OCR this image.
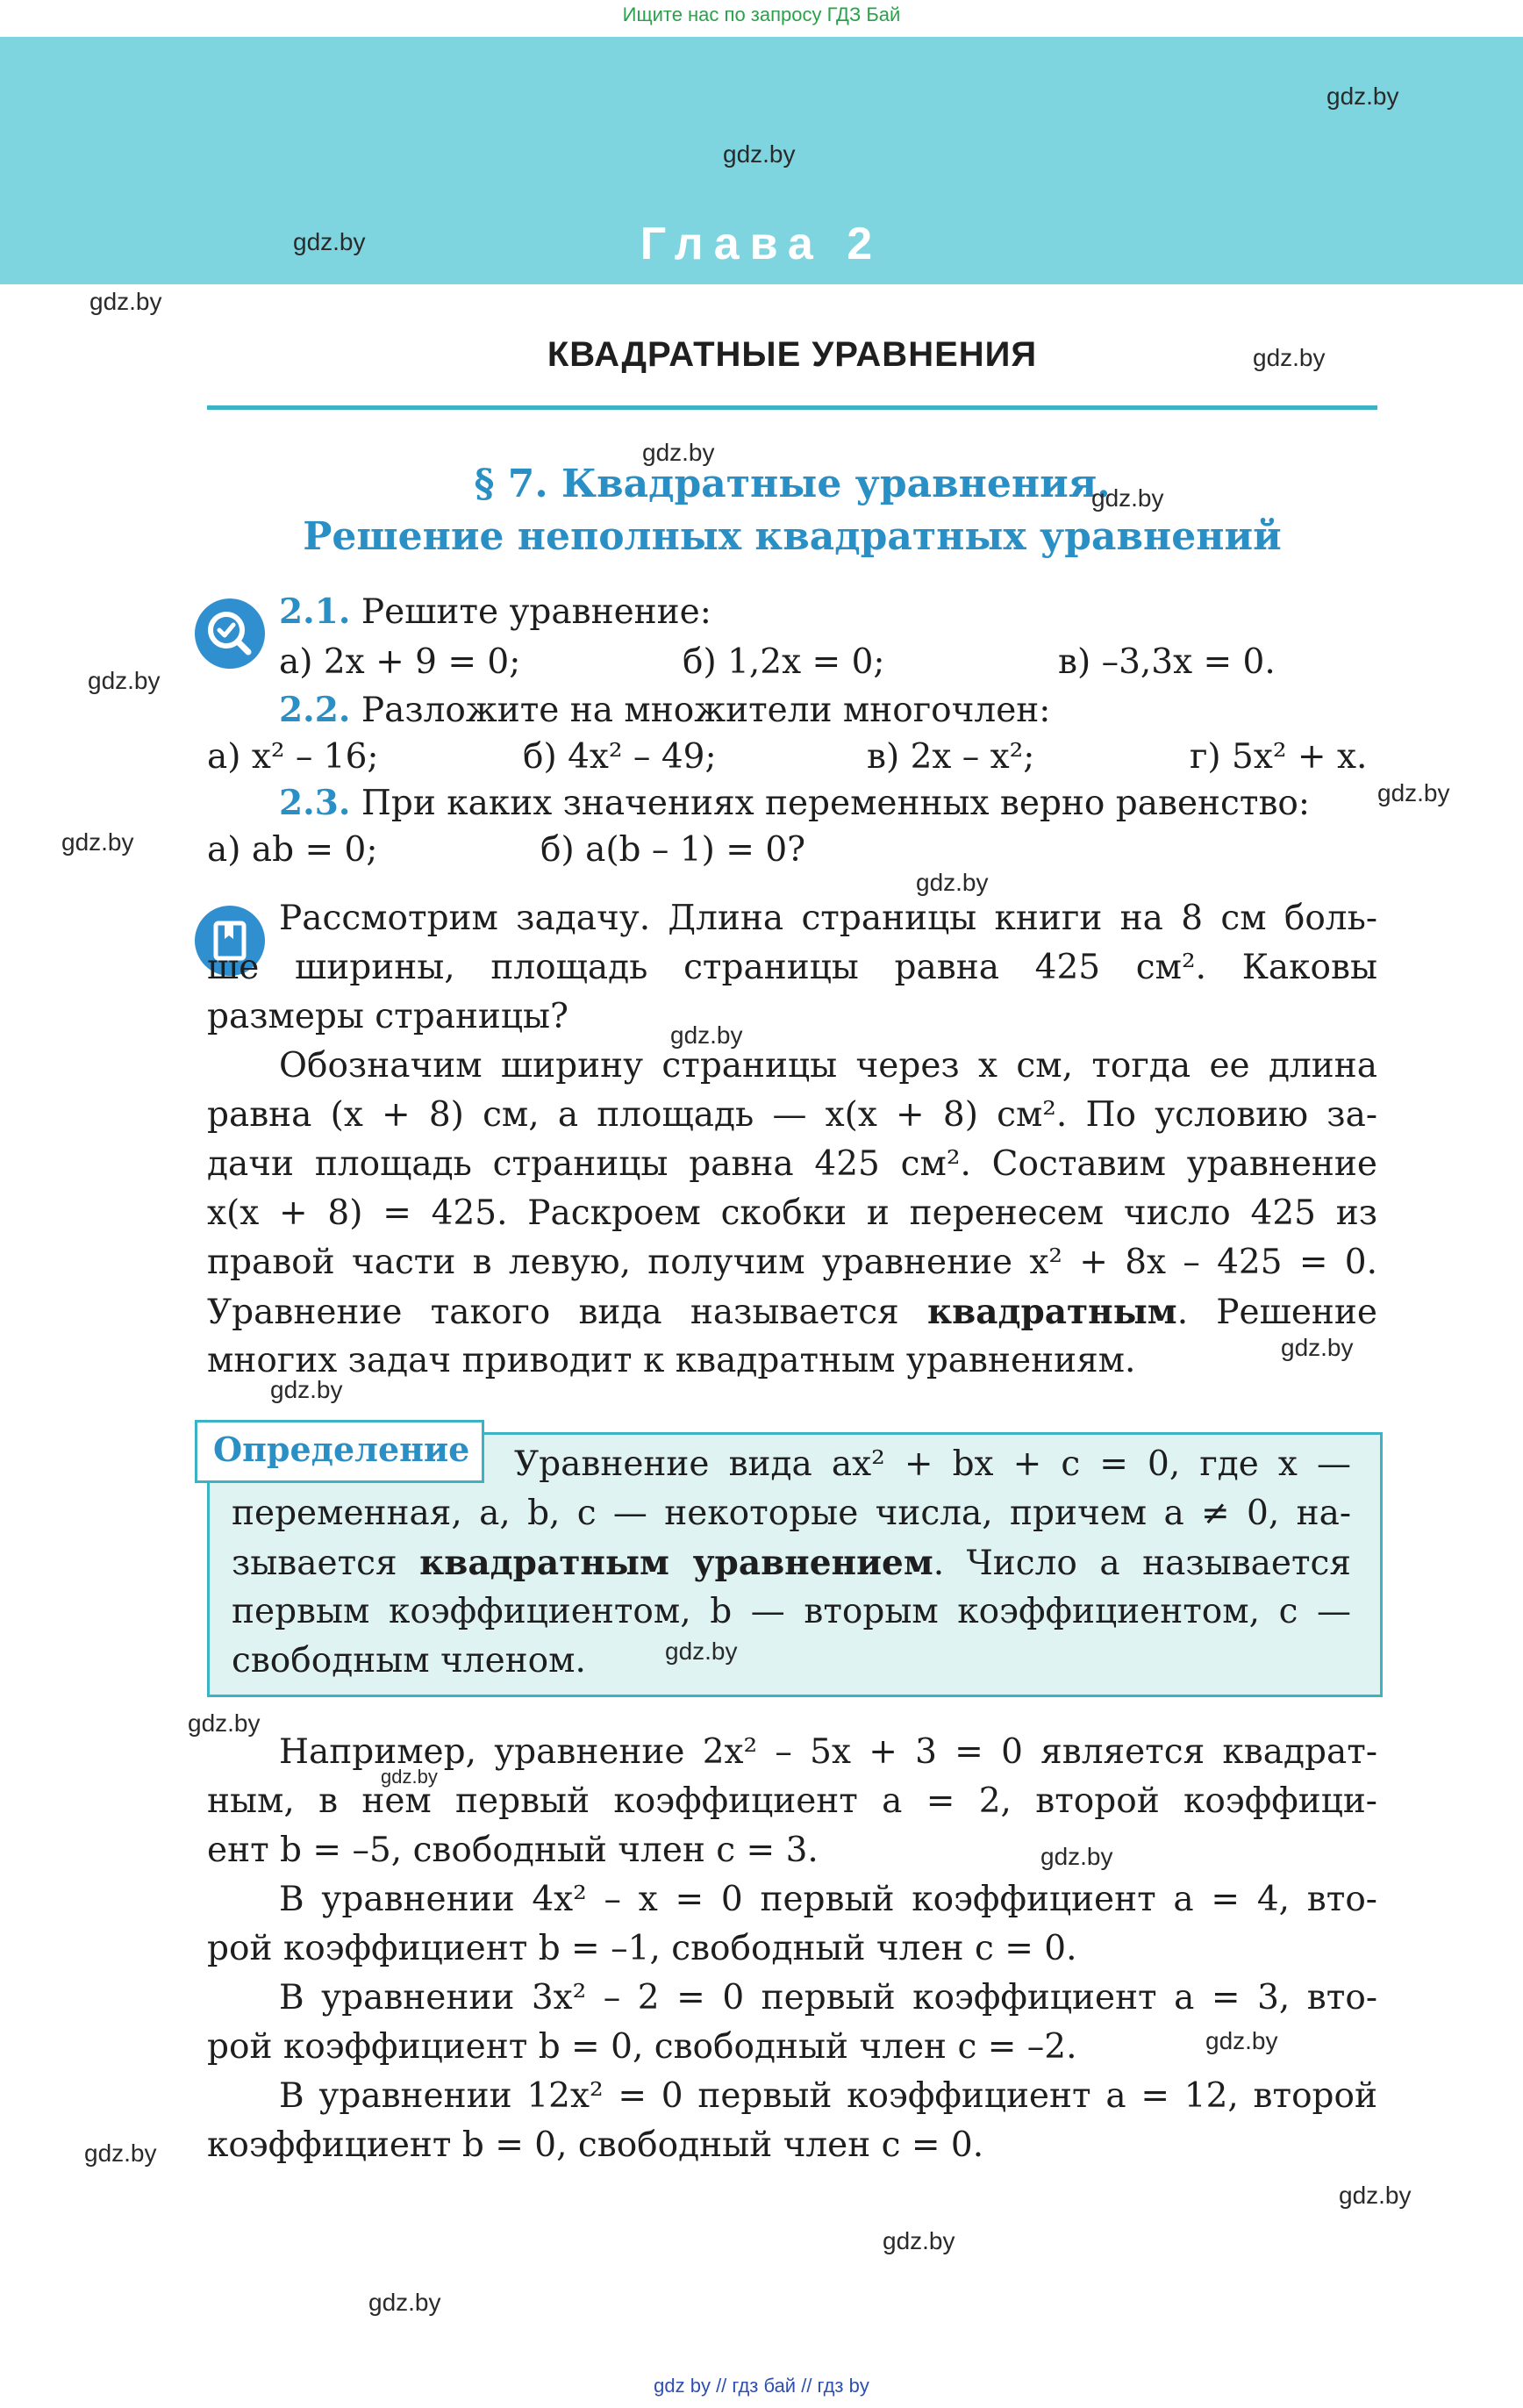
Ищите нас по запросу ГДЗ Бай
Глава 2
КВАДРАТНЫЕ УРАВНЕНИЯ
§ 7. Квадратные уравнения.
Решение неполных квадратных уравнений
2.1. Решите уравнение:
а) 2x + 9 = 0;	б) 1,2x = 0;	в) –3,3x = 0.
2.2. Разложите на множители многочлен:
а) x² – 16;	б) 4x² – 49;	в) 2x – x²;	г) 5x² + x.
2.3. При каких значениях переменных верно равенство:
а) ab = 0;	б) a(b – 1) = 0?
Рассмотрим задачу. Длина страницы книги на 8 см боль-
ше ширины, площадь страницы равна 425 см². Каковы
размеры страницы?
Обозначим ширину страницы через x см, тогда ее длина
равна (x + 8) см, а площадь — x(x + 8) см². По условию за-
дачи площадь страницы равна 425 см². Составим уравнение
x(x + 8) = 425. Раскроем скобки и перенесем число 425 из
правой части в левую, получим уравнение x² + 8x – 425 = 0.
Уравнение такого вида называется квадратным. Решение
многих задач приводит к квадратным уравнениям.
Определение	Уравнение вида ax² + bx + c = 0, где x —
переменная, a, b, c — некоторые числа, причем a ≠ 0, на-
зывается квадратным уравнением. Число a называется
первым коэффициентом, b — вторым коэффициентом, c —
свободным членом.
Например, уравнение 2x² – 5x + 3 = 0 является квадрат-
ным, в нем первый коэффициент a = 2, второй коэффици-
ент b = –5, свободный член c = 3.
В уравнении 4x² – x = 0 первый коэффициент a = 4, вто-
рой коэффициент b = –1, свободный член c = 0.
В уравнении 3x² – 2 = 0 первый коэффициент a = 3, вто-
рой коэффициент b = 0, свободный член c = –2.
В уравнении 12x² = 0 первый коэффициент a = 12, второй
коэффициент b = 0, свободный член c = 0.
gdz.by
gdz.by
gdz.by
gdz.by
gdz.by
gdz.by
gdz.by
gdz.by
gdz.by
gdz.by
gdz.by
gdz.by
gdz.by
gdz.by
gdz.by
gdz.by
gdz.by
gdz.by
gdz.by
gdz.by
gdz.by
gdz.by
gdz.by
gdz by // гдз бай // гдз by
